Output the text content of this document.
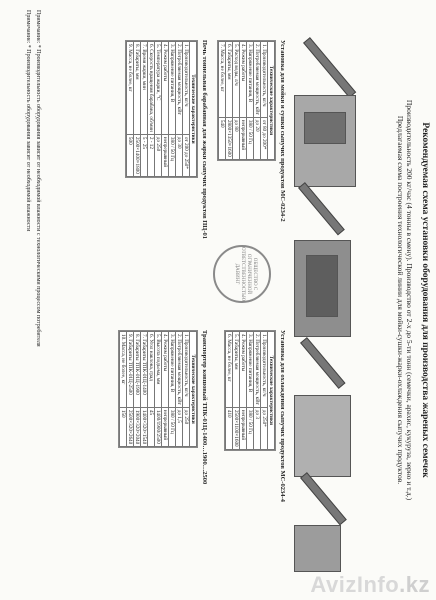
Рекомендуемая схема установки оборудования для производства жареных семечек
Производительность 200 кг/час (4 тонны в смену). Производство от 2-х до 5-ти тонн (семечки, арахис, кукуруза, зерно и т.д.)
Предлагаемая схема построения технологической линии для мойки-сушки-жарки-охлаждения сыпучих продуктов.
Установка для мойки и сушки сыпучих продуктов МС-0234-2
Технические характеристики	
1. Производительность, кг/ч	от 80 до 200*
2. Потребляемая мощность, кВт	до 20
3. Напряжение питания, В	380 / 50 Гц
4. Режим работы	непрерывный
5. Расход воды, л/ч	до 80
6. Габариты, мм	2800×1350×1600
7. Масса, не более, кг	540
Печь тоннельная барабанная для жарки сыпучих продуктов ПЦ-01
Технические характеристики	
1. Производительность, кг/ч	от 200 до 250*
2. Потребляемая мощность, кВт	до 30
3. Напряжение питания, В	380 / 50 Гц
4. Режим работы	непрерывный
5. Температура жарки, °С	до 250
6. Скорость вращения барабана, об/мин	2 - 12
7. Время жарки, мин	5 - 25
8. Габариты, мм	2500×1400×1800
9. Масса, не более, кг	500
ОБЩЕСТВО С ОГРАНИЧЕННОЙ ОТВЕТСТВЕННОСТЬЮ ДАВИНГ
Установка для охлаждения сыпучих продуктов МС-0234-4
Технические характеристики	
1. Производительность, кг/ч	до 250*
2. Потребляемая мощность, кВт	до 3
3. Напряжение питания, В	380 / 50 Гц
4. Режим работы	непрерывный
5. Габариты, мм	2500×1100×1600
6. Масса, не более, кг	410
Транспортер ковшовый ТПК-01Ц-1400…1900…2500
Технические характеристики	
1. Производительность, кг/ч	до 250
2. Потребляемая мощность, кВт	до 1,5
3. Напряжение питания, В	380 / 50 Гц
4. Режим работы	непрерывный
5. Высота подъема, мм	1400/1900/2500
6. Угол наклона, град	45
7. Габариты ТПК-01Ц-1400	1400×320×1540
8. Габариты ТПК-01Ц-1900	1900×320×2040
9. Габариты ТПК-01Ц-2500	2500×320×2640
10. Масса, не более, кг	150
Примечание: * Производительность оборудования зависит от необходимой влажности с технологическими процессом потребителя
Примечание: * Производительность оборудования зависит от необходимой влажности
AvizInfo.kz
